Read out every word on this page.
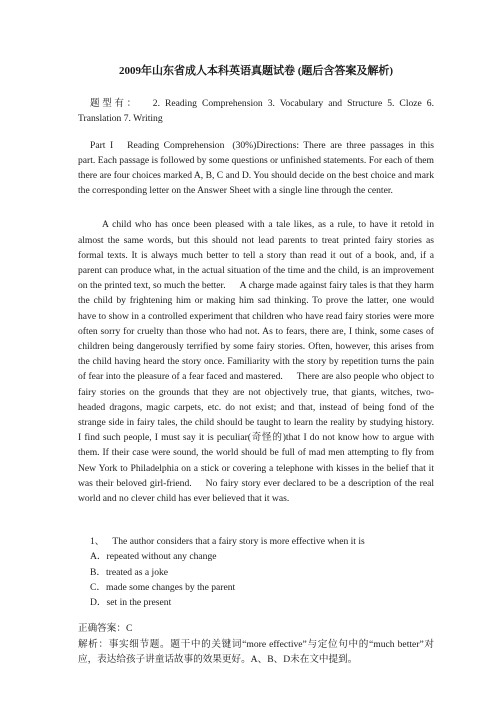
2009年山东省成人本科英语真题试卷 (题后含答案及解析)

题型有： 2. Reading Comprehension 3. Vocabulary and Structure 5. Cloze 6. Translation 7. Writing

Part I Reading Comprehension (30%)Directions: There are three passages in this part. Each passage is followed by some questions or unfinished statements. For each of them there are four choices marked A, B, C and D. You should decide on the best choice and mark the corresponding letter on the Answer Sheet with a single line through the center.

A child who has once been pleased with a tale likes, as a rule, to have it retold in almost the same words, but this should not lead parents to treat printed fairy stories as formal texts. It is always much better to tell a story than read it out of a book, and, if a parent can produce what, in the actual situation of the time and the child, is an improvement on the printed text, so much the better. A charge made against fairy tales is that they harm the child by frightening him or making him sad thinking. To prove the latter, one would have to show in a controlled experiment that children who have read fairy stories were more often sorry for cruelty than those who had not. As to fears, there are, I think, some cases of children being dangerously terrified by some fairy stories. Often, however, this arises from the child having heard the story once. Familiarity with the story by repetition turns the pain of fear into the pleasure of a fear faced and mastered. There are also people who object to fairy stories on the grounds that they are not objectively true, that giants, witches, two-headed dragons, magic carpets, etc. do not exist; and that, instead of being fond of the strange side in fairy tales, the child should be taught to learn the reality by studying history. I find such people, I must say it is peculiar(奇怪的)that I do not know how to argue with them. If their case were sound, the world should be full of mad men attempting to fly from New York to Philadelphia on a stick or covering a telephone with kisses in the belief that it was their beloved girl-friend. No fairy story ever declared to be a description of the real world and no clever child has ever believed that it was.

1、 The author considers that a fairy story is more effective when it is ________.
A．repeated without any change
B．treated as a joke
C．made some changes by the parent
D．set in the present

正确答案：C

解析：事实细节题。题干中的关键词“more effective”与定位句中的“much better”对应，表达给孩子讲童话故事的效果更好。A、B、D未在文中提到。
